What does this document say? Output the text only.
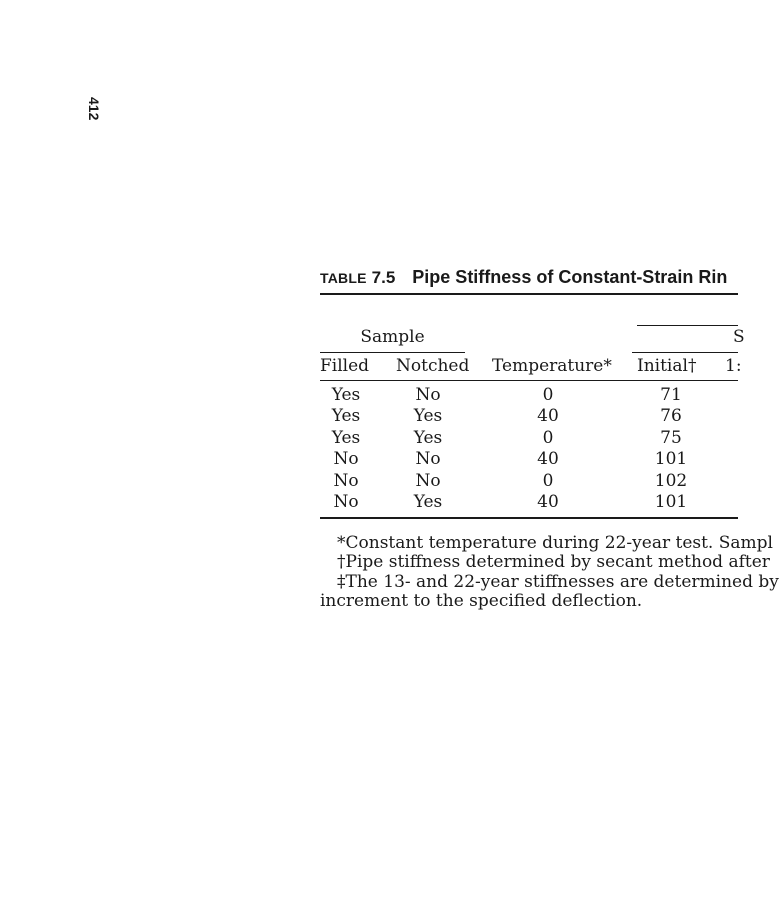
412
TABLE 7.5 Pipe Stiffness of Constant-Strain Rin
S
Sample
Filled Notched Temperature* Initial† 1:
Yes	No	0	71
Yes	Yes	40	76
Yes	Yes	0	75
No	No	40	101
No	No	0	102
No	Yes	40	101

*Constant temperature during 22-year test. Sampl

†Pipe stiffness determined by secant method after

‡The 13- and 22-year stiffnesses are determined by

increment to the specified deflection.
